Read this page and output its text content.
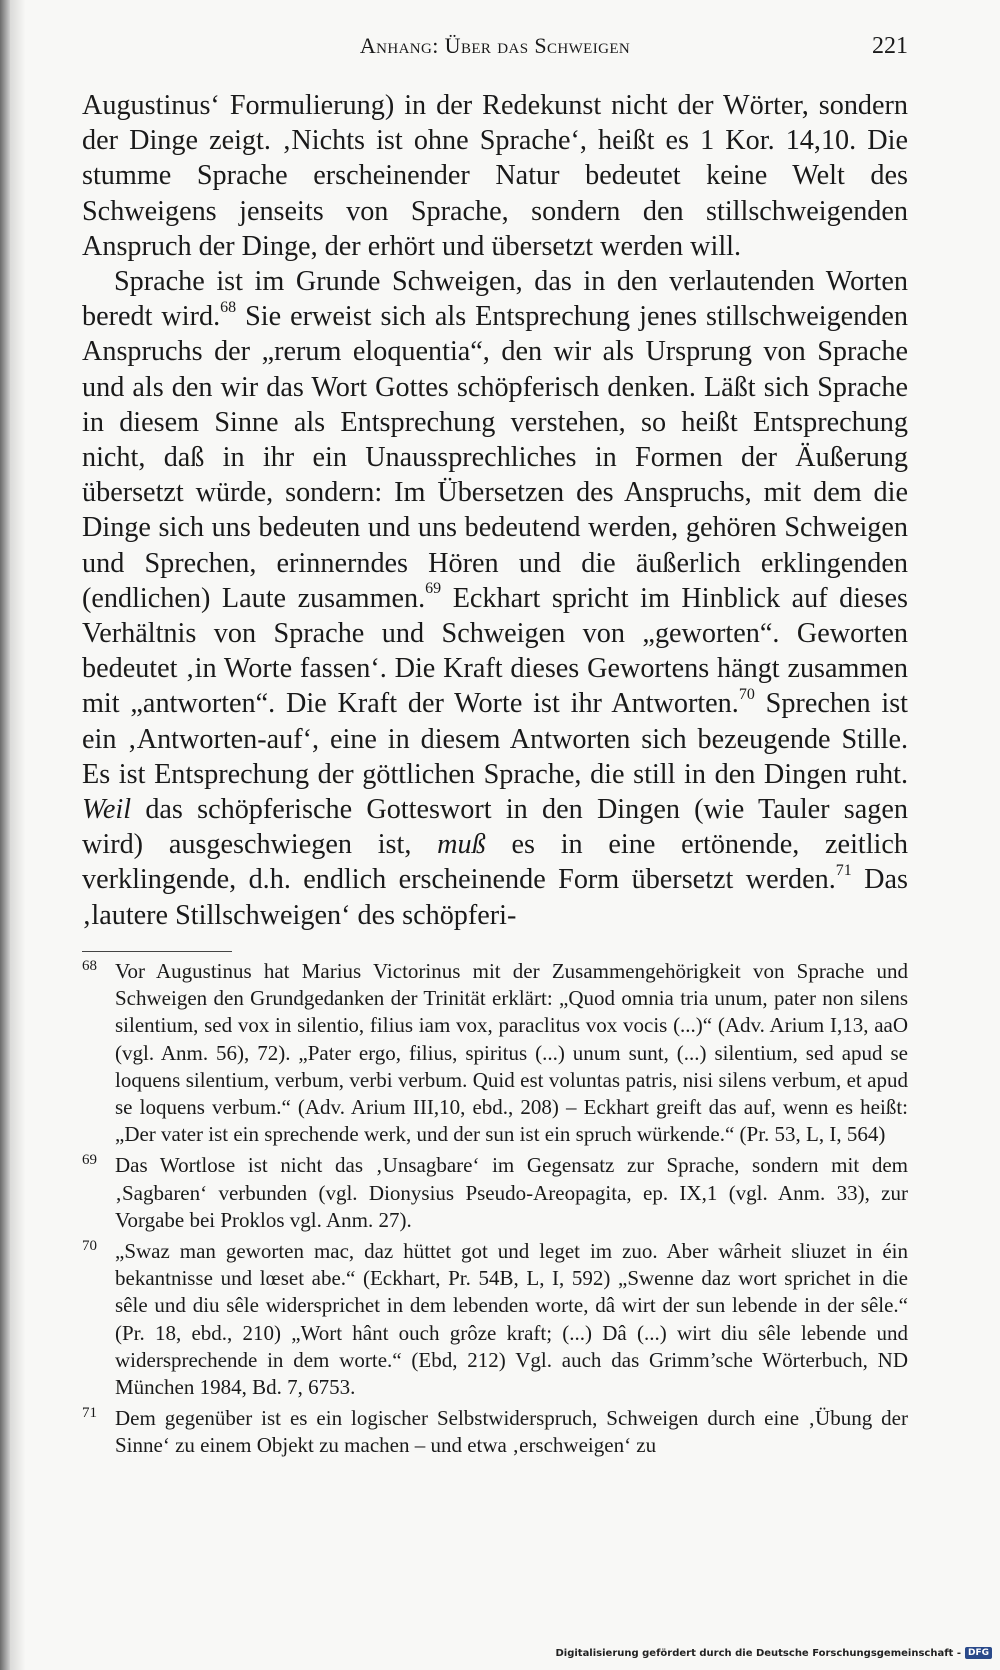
Anhang: Über das Schweigen	221

Augustinus‘ Formulierung) in der Redekunst nicht der Wörter, sondern der Dinge zeigt. ‚Nichts ist ohne Sprache‘, heißt es 1 Kor. 14,10. Die stumme Sprache erscheinender Natur bedeutet keine Welt des Schweigens jenseits von Sprache, sondern den stillschweigenden Anspruch der Dinge, der erhört und übersetzt werden will.

Sprache ist im Grunde Schweigen, das in den verlautenden Worten beredt wird.$^{68}$ Sie erweist sich als Entsprechung jenes stillschweigenden Anspruchs der „rerum eloquentia“, den wir als Ursprung von Sprache und als den wir das Wort Gottes schöpferisch denken. Läßt sich Sprache in diesem Sinne als Entsprechung verstehen, so heißt Entsprechung nicht, daß in ihr ein Unaussprechliches in Formen der Äußerung übersetzt würde, sondern: Im Übersetzen des Anspruchs, mit dem die Dinge sich uns bedeuten und uns bedeutend werden, gehören Schweigen und Sprechen, erinnerndes Hören und die äußerlich erklingenden (endlichen) Laute zusammen.$^{69}$ Eckhart spricht im Hinblick auf dieses Verhältnis von Sprache und Schweigen von „geworten“. Geworten bedeutet ‚in Worte fassen‘. Die Kraft dieses Gewortens hängt zusammen mit „antworten“. Die Kraft der Worte ist ihr Antworten.$^{70}$ Sprechen ist ein ‚Antworten-auf‘, eine in diesem Antworten sich bezeugende Stille. Es ist Entsprechung der göttlichen Sprache, die still in den Dingen ruht. Weil das schöpferische Gotteswort in den Dingen (wie Tauler sagen wird) ausgeschwiegen ist, muß es in eine ertönende, zeitlich verklingende, d.h. endlich erscheinende Form übersetzt werden.$^{71}$ Das ‚lautere Stillschweigen‘ des schöpferi-

68 Vor Augustinus hat Marius Victorinus mit der Zusammengehörigkeit von Sprache und Schweigen den Grundgedanken der Trinität erklärt: „Quod omnia tria unum, pater non silens silentium, sed vox in silentio, filius iam vox, paraclitus vox vocis (...)“ (Adv. Arium I,13, aaO (vgl. Anm. 56), 72). „Pater ergo, filius, spiritus (...) unum sunt, (...) silentium, sed apud se loquens silentium, verbum, verbi verbum. Quid est voluntas patris, nisi silens verbum, et apud se loquens verbum.“ (Adv. Arium III,10, ebd., 208) – Eckhart greift das auf, wenn es heißt: „Der vater ist ein sprechende werk, und der sun ist ein spruch würkende.“ (Pr. 53, L, I, 564)
69 Das Wortlose ist nicht das ‚Unsagbare‘ im Gegensatz zur Sprache, sondern mit dem ‚Sagbaren‘ verbunden (vgl. Dionysius Pseudo-Areopagita, ep. IX,1 (vgl. Anm. 33), zur Vorgabe bei Proklos vgl. Anm. 27).
70 „Swaz man geworten mac, daz hüttet got und leget im zuo. Aber wârheit sliuzet in éin bekantnisse und lœset abe.“ (Eckhart, Pr. 54B, L, I, 592) „Swenne daz wort sprichet in die sêle und diu sêle widersprichet in dem lebenden worte, dâ wirt der sun lebende in der sêle.“ (Pr. 18, ebd., 210) „Wort hânt ouch grôze kraft; (...) Dâ (...) wirt diu sêle lebende und widersprechende in dem worte.“ (Ebd, 212) Vgl. auch das Grimm’sche Wörterbuch, ND München 1984, Bd. 7, 6753.
71 Dem gegenüber ist es ein logischer Selbstwiderspruch, Schweigen durch eine ‚Übung der Sinne‘ zu einem Objekt zu machen – und etwa ‚erschweigen‘ zu
Digitalisierung gefördert durch die Deutsche Forschungsgemeinschaft - DFG
